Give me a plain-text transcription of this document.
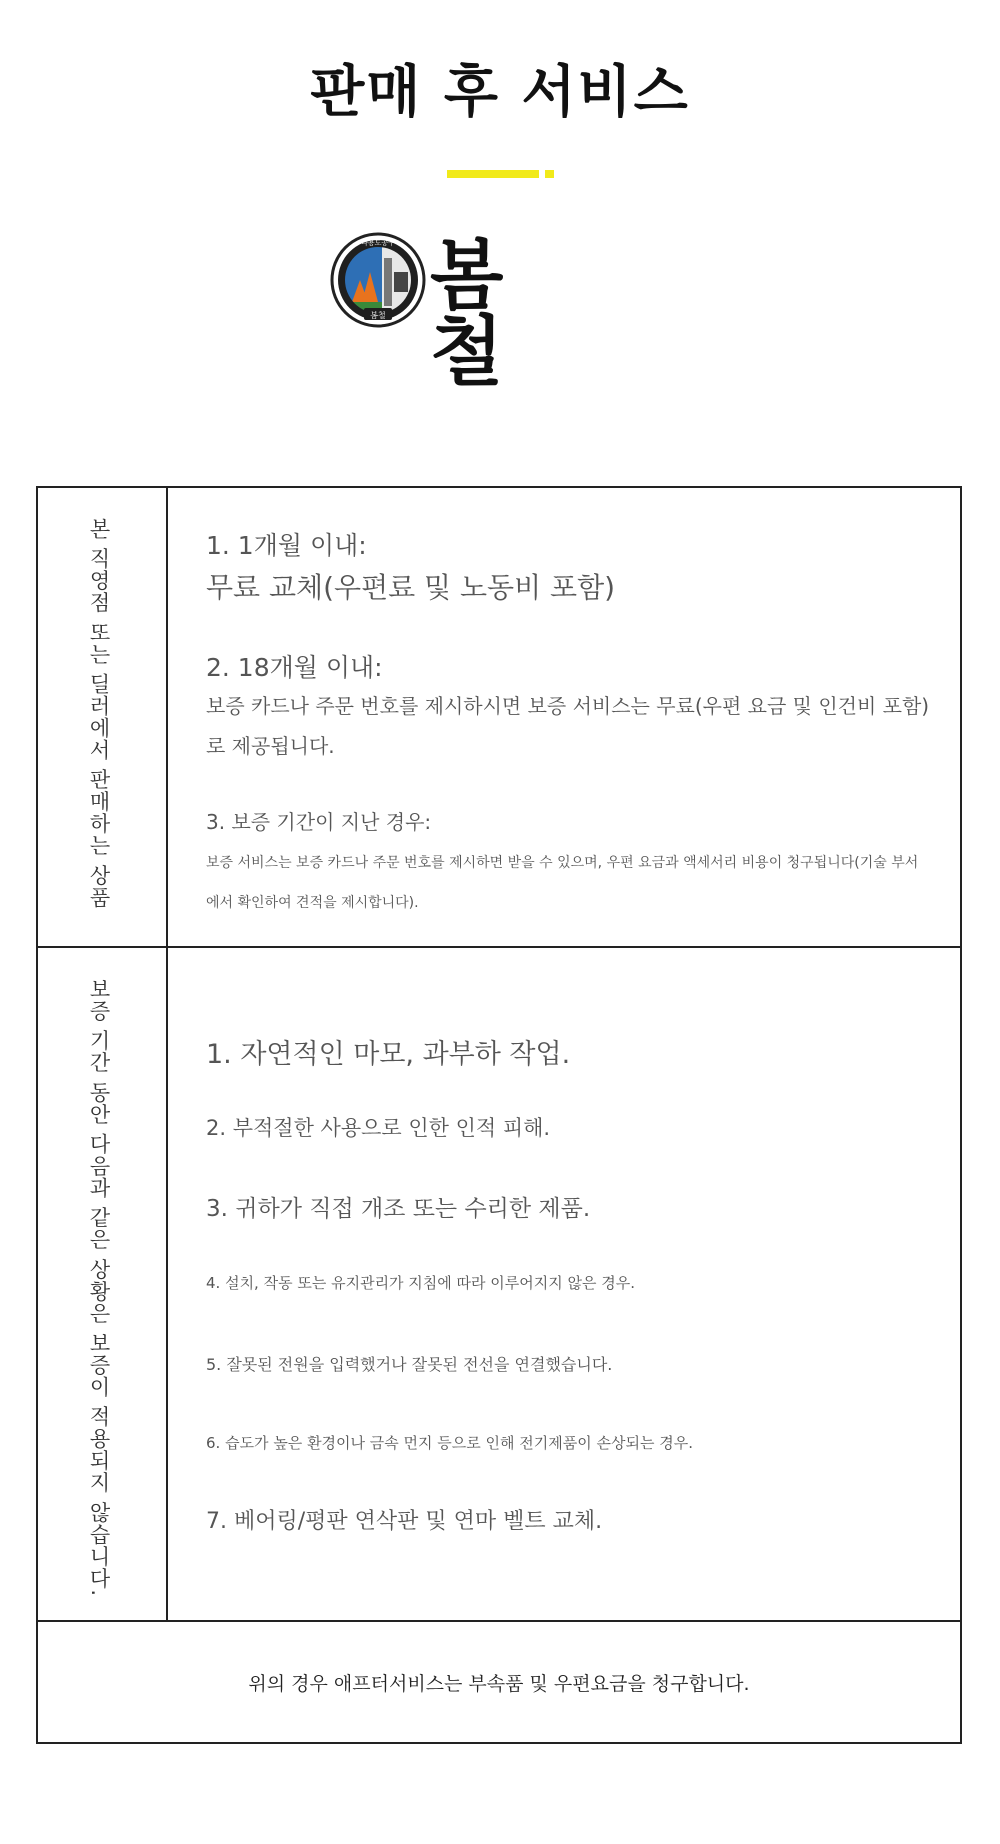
판매 후 서비스
봄철
다용도공구 봄철
본 직영점 또는 딜러에서 판매하는 상품	1. 1개월 이내:
무료 교체(우편료 및 노동비 포함)
2. 18개월 이내:
보증 카드나 주문 번호를 제시하시면 보증 서비스는 무료(우편 요금 및 인건비 포함)
로 제공됩니다.
3. 보증 기간이 지난 경우:
보증 서비스는 보증 카드나 주문 번호를 제시하면 받을 수 있으며, 우편 요금과 액세서리 비용이 청구됩니다(기술 부서
에서 확인하여 견적을 제시합니다).
보증 기간 동안 다음과 같은 상황은 보증이 적용되지 않습니다.	1. 자연적인 마모, 과부하 작업.
2. 부적절한 사용으로 인한 인적 피해.
3. 귀하가 직접 개조 또는 수리한 제품.
4. 설치, 작동 또는 유지관리가 지침에 따라 이루어지지 않은 경우.
5. 잘못된 전원을 입력했거나 잘못된 전선을 연결했습니다.
6. 습도가 높은 환경이나 금속 먼지 등으로 인해 전기제품이 손상되는 경우.
7. 베어링/평판 연삭판 및 연마 벨트 교체.
위의 경우 애프터서비스는 부속품 및 우편요금을 청구합니다.
